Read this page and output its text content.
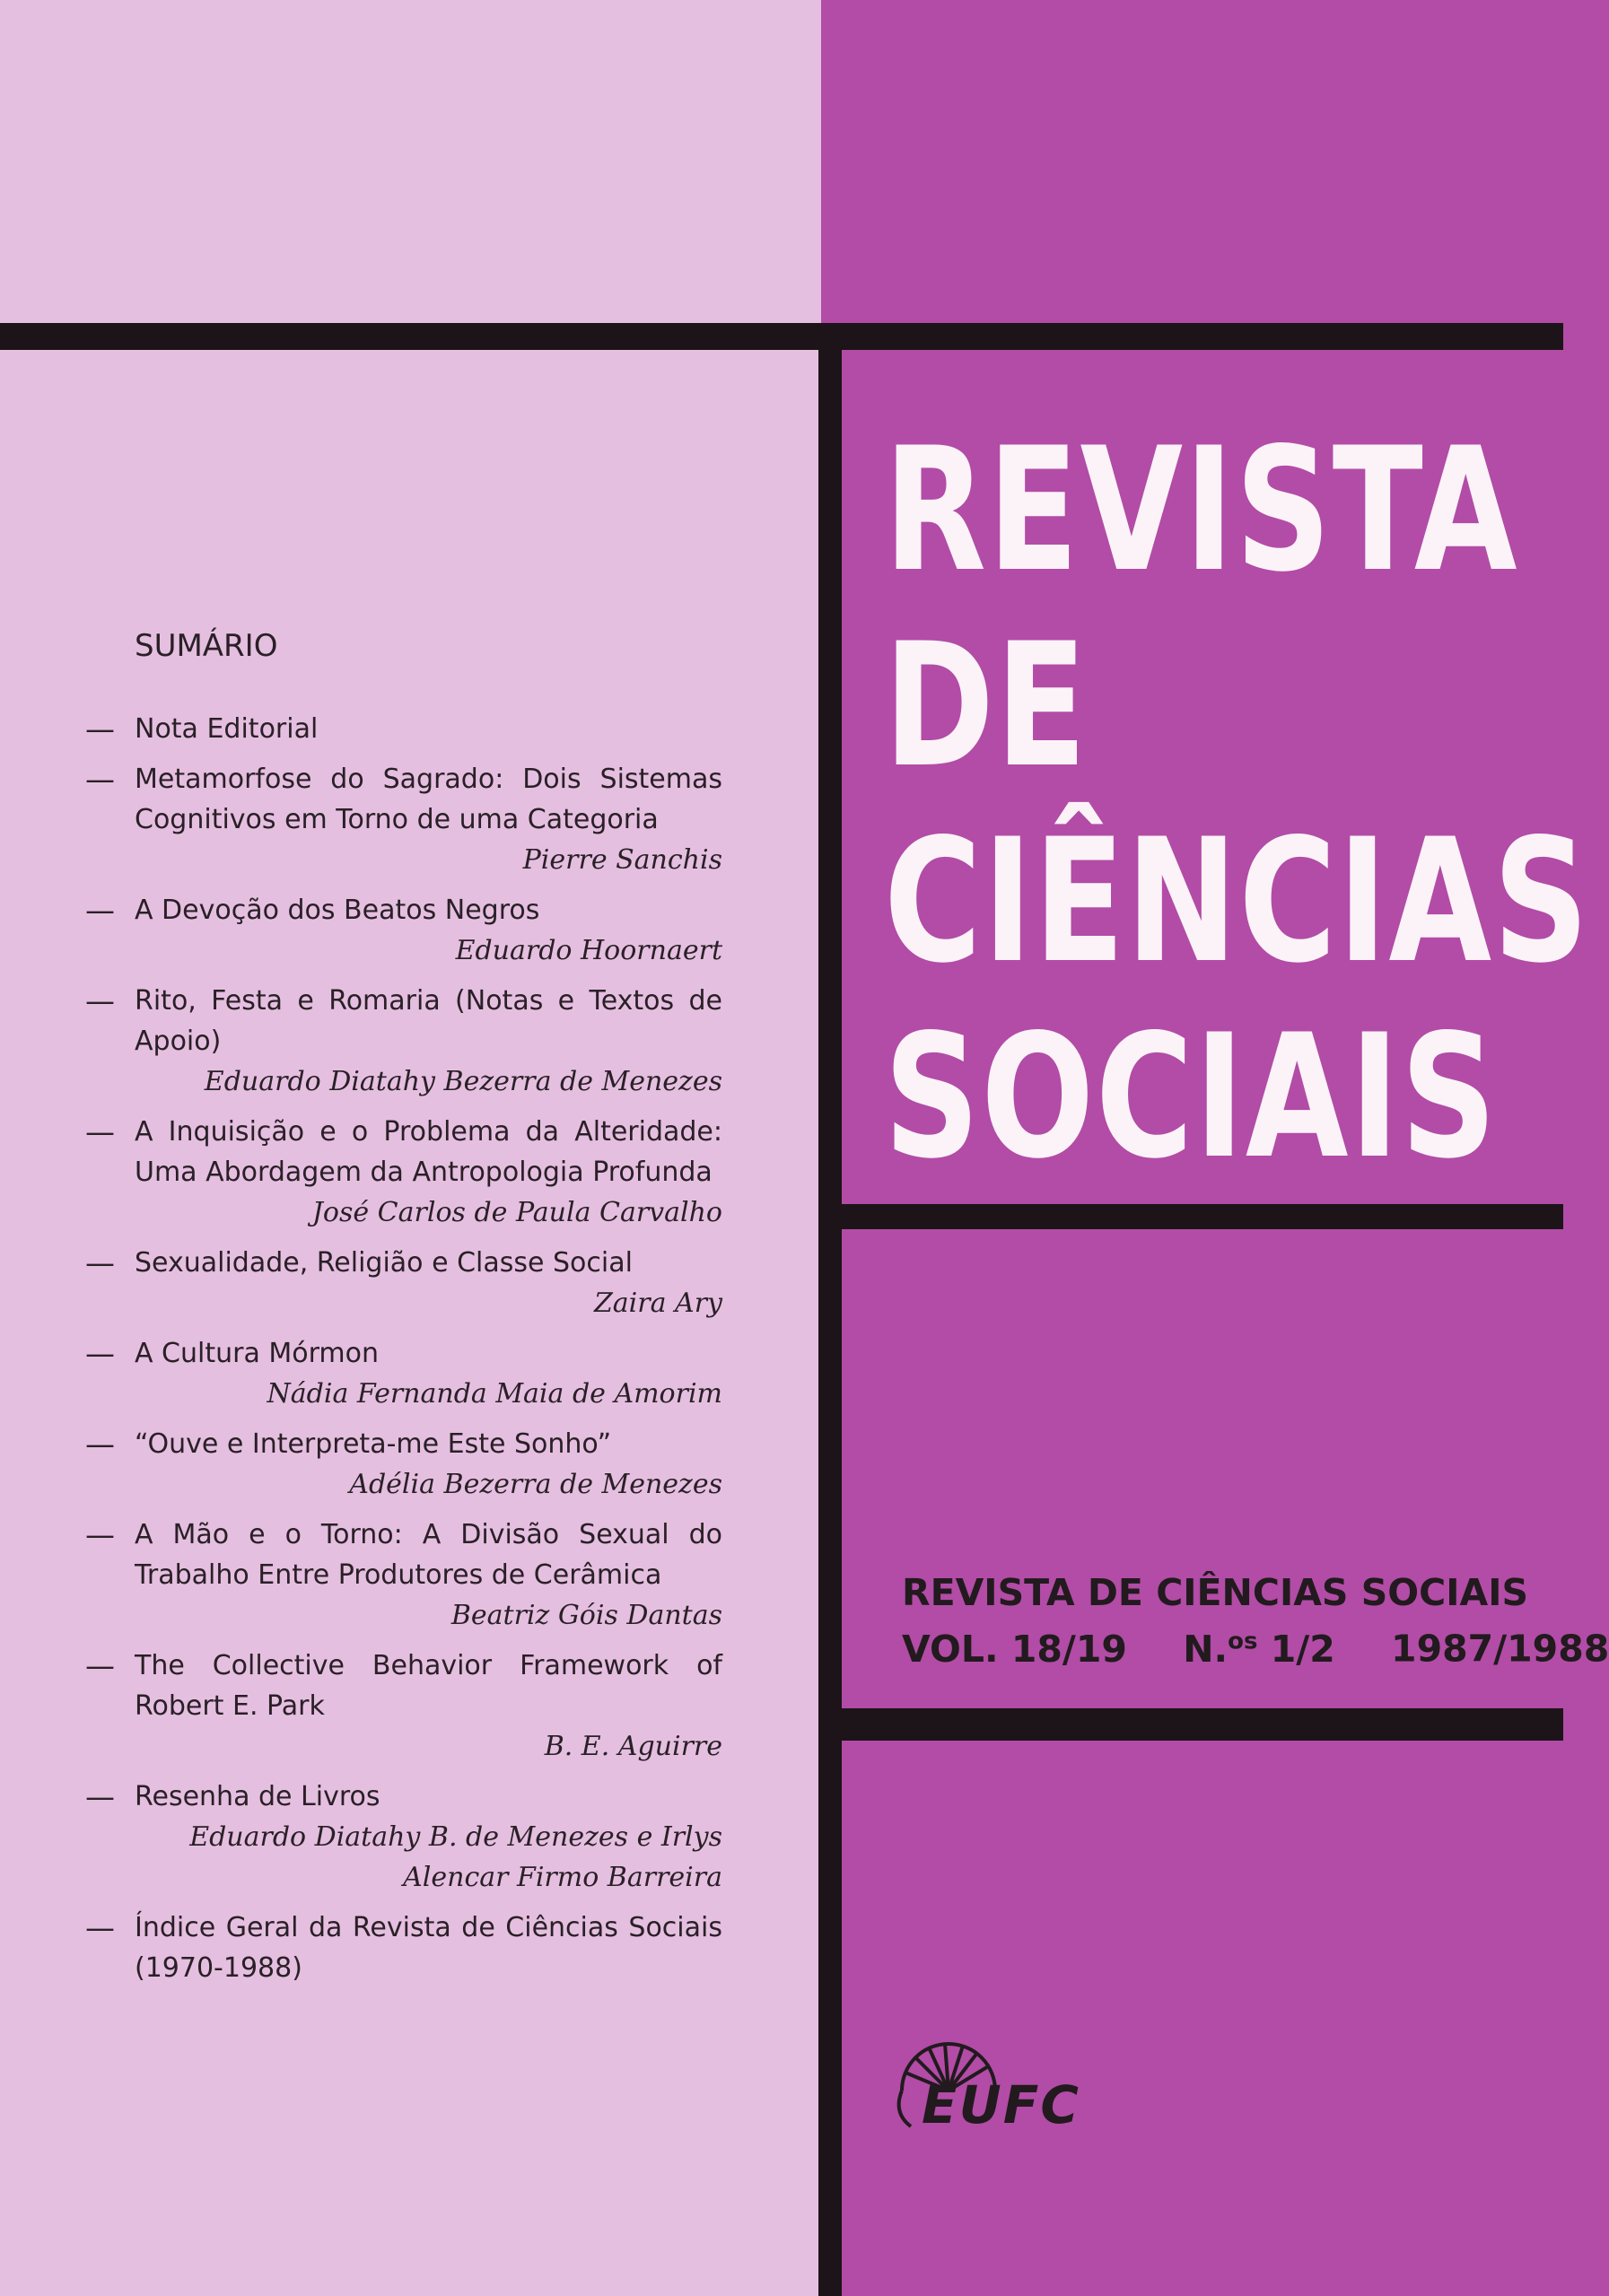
REVISTA
DE
CIÊNCIAS
SOCIAIS
REVISTA DE CIÊNCIAS SOCIAIS
VOL. 18/19 N.$^{os}$ 1/2 1987/1988
EUFC
SUMÁRIO
— Nota Editorial
— Metamorfose do Sagrado: Dois Sistemas Cognitivos em Torno de uma Categoria
Pierre Sanchis
— A Devoção dos Beatos Negros
Eduardo Hoornaert
— Rito, Festa e Romaria (Notas e Textos de Apoio)
Eduardo Diatahy Bezerra de Menezes
— A Inquisição e o Problema da Alteridade: Uma Abordagem da Antropologia Profunda
José Carlos de Paula Carvalho
— Sexualidade, Religião e Classe Social
Zaira Ary
— A Cultura Mórmon
Nádia Fernanda Maia de Amorim
— “Ouve e Interpreta-me Este Sonho”
Adélia Bezerra de Menezes
— A Mão e o Torno: A Divisão Sexual do Trabalho Entre Produtores de Cerâmica
Beatriz Góis Dantas
— The Collective Behavior Framework of Robert E. Park
B. E. Aguirre
— Resenha de Livros
Eduardo Diatahy B. de Menezes e Irlys Alencar Firmo Barreira
— Índice Geral da Revista de Ciências Sociais (1970-1988)
